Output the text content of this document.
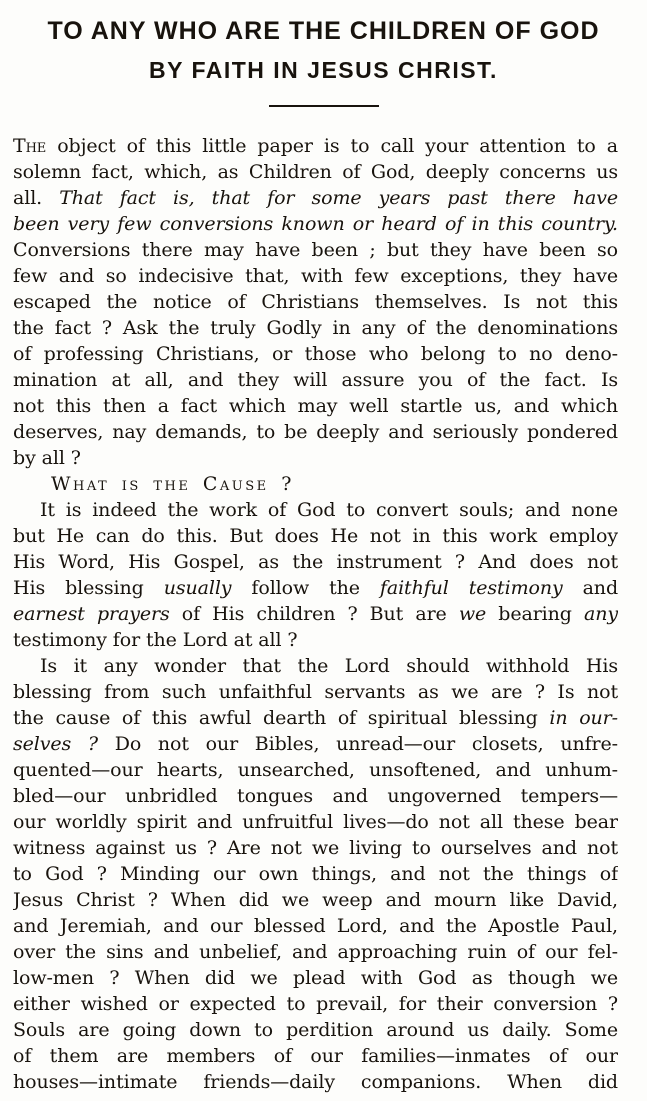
TO ANY WHO ARE THE CHILDREN OF GOD
BY FAITH IN JESUS CHRIST.
The object of this little paper is to call your attention to a
solemn fact, which, as Children of God, deeply concerns us
all. That fact is, that for some years past there have
been very few conversions known or heard of in this country.
Conversions there may have been ; but they have been so
few and so indecisive that, with few exceptions, they have
escaped the notice of Christians themselves. Is not this
the fact ? Ask the truly Godly in any of the denominations
of professing Christians, or those who belong to no deno-
mination at all, and they will assure you of the fact. Is
not this then a fact which may well startle us, and which
deserves, nay demands, to be deeply and seriously pondered
by all ?
What is the Cause ?
It is indeed the work of God to convert souls; and none
but He can do this. But does He not in this work employ
His Word, His Gospel, as the instrument ? And does not
His blessing usually follow the faithful testimony and
earnest prayers of His children ? But are we bearing any
testimony for the Lord at all ?
Is it any wonder that the Lord should withhold His
blessing from such unfaithful servants as we are ? Is not
the cause of this awful dearth of spiritual blessing in our-
selves ? Do not our Bibles, unread—our closets, unfre-
quented—our hearts, unsearched, unsoftened, and unhum-
bled—our unbridled tongues and ungoverned tempers—
our worldly spirit and unfruitful lives—do not all these bear
witness against us ? Are not we living to ourselves and not
to God ? Minding our own things, and not the things of
Jesus Christ ? When did we weep and mourn like David,
and Jeremiah, and our blessed Lord, and the Apostle Paul,
over the sins and unbelief, and approaching ruin of our fel-
low-men ? When did we plead with God as though we
either wished or expected to prevail, for their conversion ?
Souls are going down to perdition around us daily. Some
of them are members of our families—inmates of our
houses—intimate friends—daily companions. When did
